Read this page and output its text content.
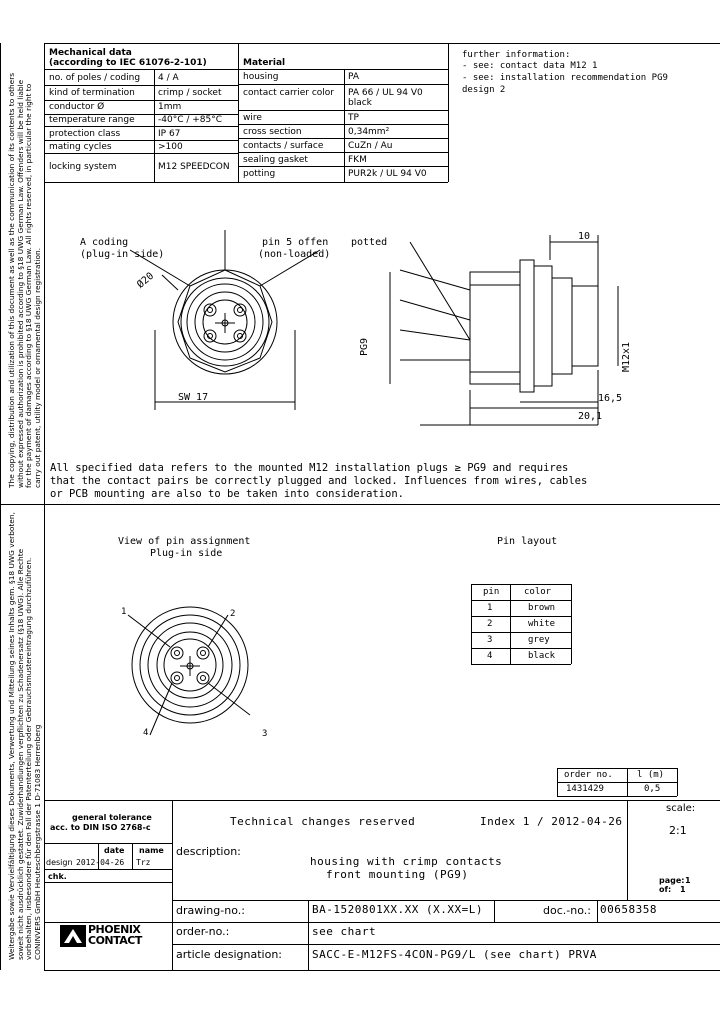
The copying, distribution and utilization of this document as well as the communication of its contents to others without expressed authorization is prohibited according to §18 UWG German Law. Offenders will be held liable for the payment of damages according to §18 UWG German Law. All rights reserved, in particular the right to carry out patent, utility model or ornamental design registration.
Weitergabe sowie Vervielfältigung dieses Dokuments, Verwertung und Mitteilung seines Inhalts gem. §18 UWG verboten, soweit nicht ausdrücklich gestattet. Zuwiderhandlungen verpflichten zu Schadenersatz (§18 UWG). Alle Rechte vorbehalten, insbesondere für den Fall der Patenterteilung oder Gebrauchsmustereintragung durchzuführen. CONINVERS GmbH Heuteschbergstrasse 1 D-71083 Herrenberg
Mechanical data
(according to IEC 61076-2-101)
no. of poles / coding 4 / A
kind of termination	crimp / socket
conductor Ø	1mm
temperature range	-40°C / +85°C
protection class	IP 67
mating cycles	>100
locking system	M12 SPEEDCON
Material
housing	PA
contact carrier color	PA 66 / UL 94 V0 black
wire	TP
cross section	0,34mm²
contacts / surface	CuZn / Au
sealing gasket	FKM
potting	PUR2k / UL 94 V0
further information:
- see: contact data M12 1
- see: installation recommendation PG9
design 2
A coding
(plug-in side)
pin 5 offen
(non-loaded)
Ø20
SW 17
potted
10
PG9	M12x1
16,5
20,1
All specified data refers to the mounted M12 installation plugs ≥ PG9 and requires
that the contact pairs be correctly plugged and locked. Influences from wires, cables
or PCB mounting are also to be taken into consideration.
View of pin assignment
Plug-in side
1	2
3
4
Pin layout
pin	color
1	brown
2	white
3	grey
4	black
order no.	l (m)
1431429	0,5
general tolerance
acc. to DIN ISO 2768-c
date name
design 2012-04-26 Trz
chk.
Technical changes reserved	Index 1 / 2012-04-26
scale:
2:1
description:
housing with crimp contacts
front mounting (PG9)	page: 1
of: 1
drawing-no.:	BA-1520801XX.XX (X.XX=L)	doc.-no.: 00658358
order-no.:	see chart
article designation:	SACC-E-M12FS-4CON-PG9/L (see chart) PRVA
PHOENIX
CONTACT
